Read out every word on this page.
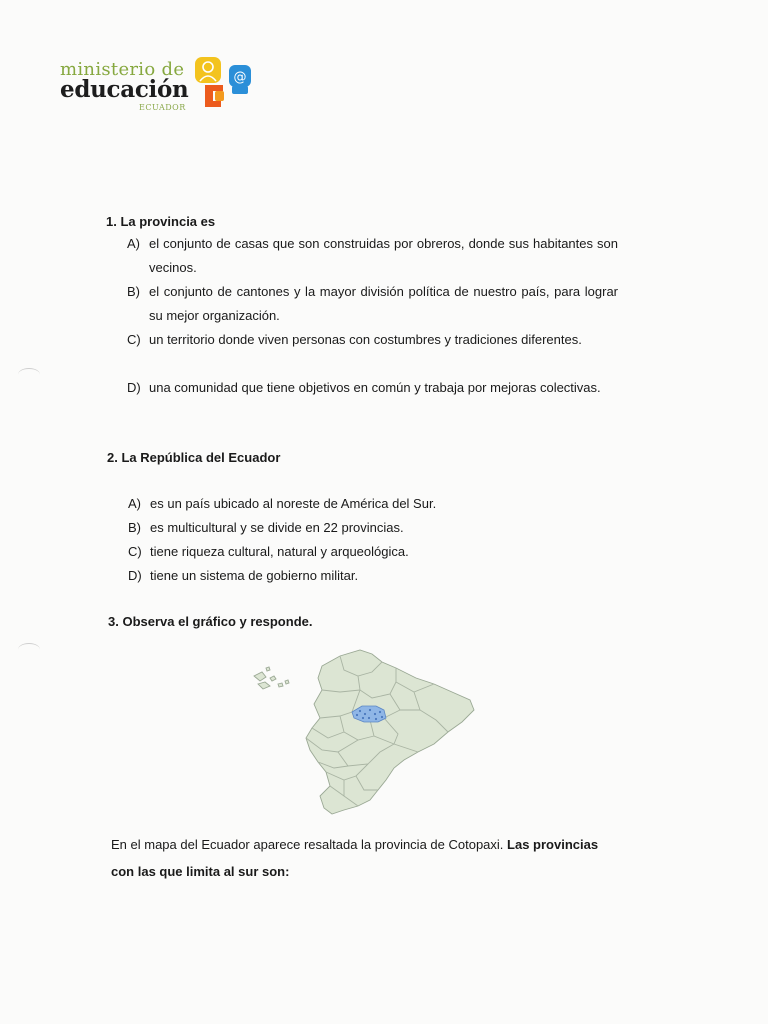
ministerio de
educación
ECUADOR
@
1. La provincia es
A) el conjunto de casas que son construidas por obreros, donde sus habitantes son vecinos.
B) el conjunto de cantones y la mayor división política de nuestro país, para lograr su mejor organización.
C) un territorio donde viven personas con costumbres y tradiciones diferentes.
D) una comunidad que tiene objetivos en común y trabaja por mejoras colectivas.
2. La República del Ecuador
A) es un país ubicado al noreste de América del Sur.
B) es multicultural y se divide en 22 provincias.
C) tiene riqueza cultural, natural y arqueológica.
D) tiene un sistema de gobierno militar.
3. Observa el gráfico y responde.
En el mapa del Ecuador aparece resaltada la provincia de Cotopaxi. Las provincias con las que limita al sur son:
